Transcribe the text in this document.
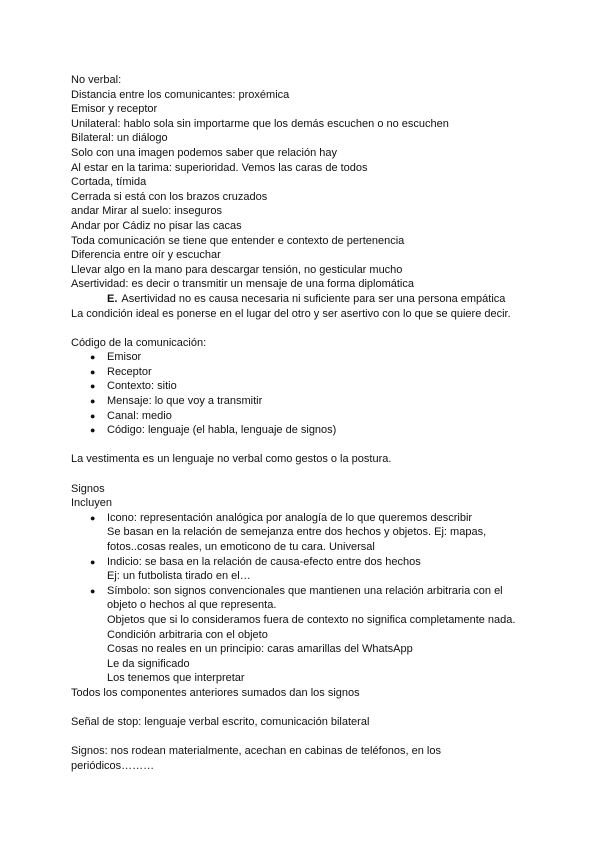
No verbal:
Distancia entre los comunicantes: proxémica
Emisor y receptor
Unilateral: hablo sola sin importarme que los demás escuchen o no escuchen
Bilateral: un diálogo
Solo con una imagen podemos saber que relación hay
Al estar en la tarima: superioridad. Vemos las caras de todos
Cortada, tímida
Cerrada si está con los brazos cruzados
andar Mirar al suelo: inseguros
Andar por Cádiz no pisar las cacas
Toda comunicación se tiene que entender e contexto de pertenencia
Diferencia entre oír y escuchar
Llevar algo en la mano para descargar tensión, no gesticular mucho
Asertividad: es decir o transmitir un mensaje de una forma diplomática
E. Asertividad no es causa necesaria ni suficiente para ser una persona empática
La condición ideal es ponerse en el lugar del otro y ser asertivo con lo que se quiere decir.
Código de la comunicación:
● Emisor
● Receptor
● Contexto: sitio
● Mensaje: lo que voy a transmitir
● Canal: medio
● Código: lenguaje (el habla, lenguaje de signos)
La vestimenta es un lenguaje no verbal como gestos o la postura.
Signos
Incluyen
● Icono: representación analógica por analogía de lo que queremos describir
Se basan en la relación de semejanza entre dos hechos y objetos. Ej: mapas,
fotos..cosas reales, un emoticono de tu cara. Universal
● Indicio: se basa en la relación de causa-efecto entre dos hechos
Ej: un futbolista tirado en el…
● Símbolo: son signos convencionales que mantienen una relación arbitraria con el
objeto o hechos al que representa.
Objetos que si lo consideramos fuera de contexto no significa completamente nada.
Condición arbitraria con el objeto
Cosas no reales en un principio: caras amarillas del WhatsApp
Le da significado
Los tenemos que interpretar
Todos los componentes anteriores sumados dan los signos
Señal de stop: lenguaje verbal escrito, comunicación bilateral
Signos: nos rodean materialmente, acechan en cabinas de teléfonos, en los
periódicos………
